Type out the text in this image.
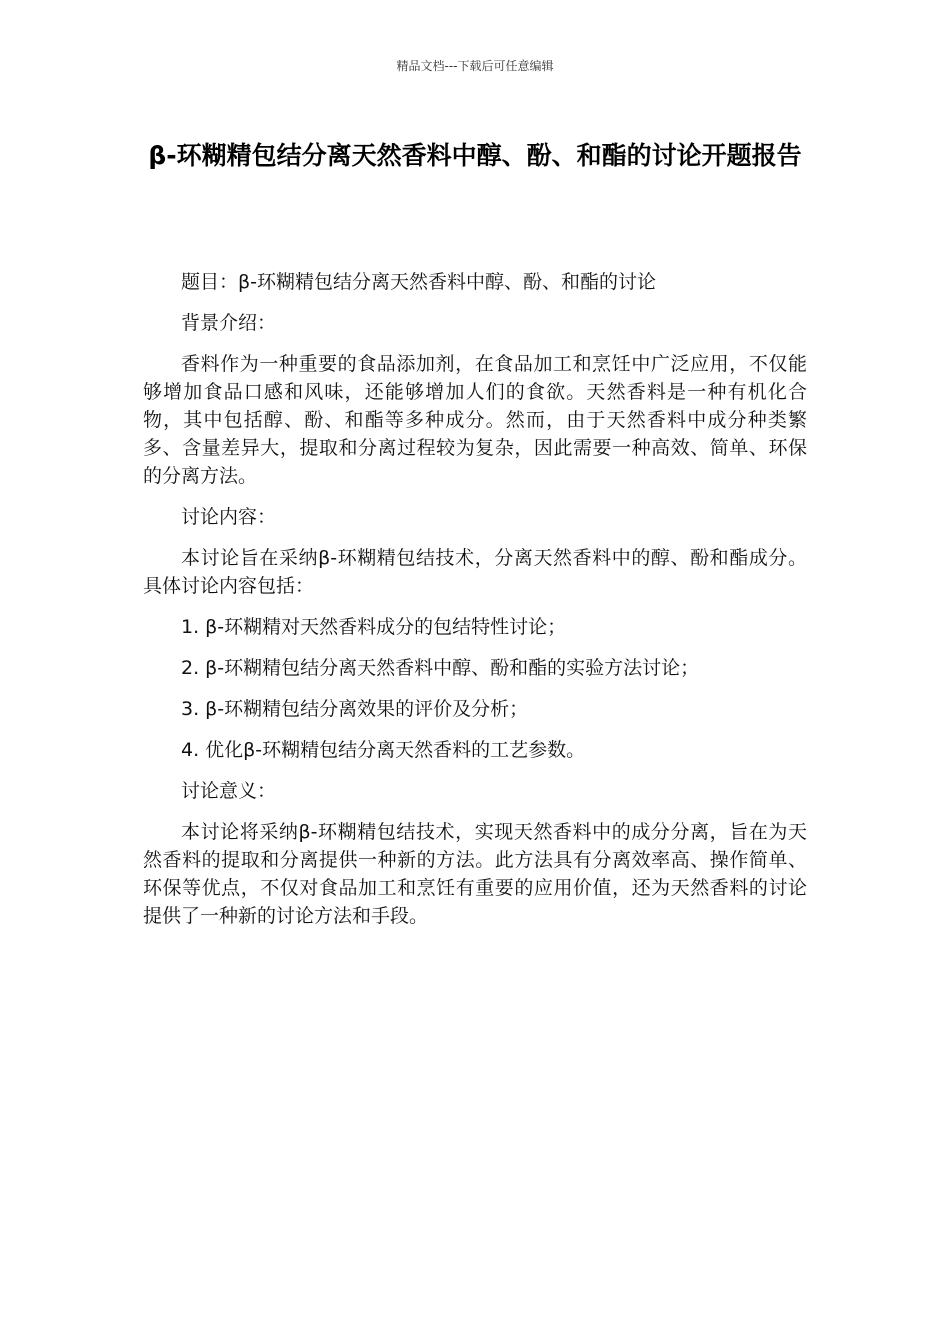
精品文档---下载后可任意编辑
β-环糊精包结分离天然香料中醇、酚、和酯的讨论开题报告

题目：β-环糊精包结分离天然香料中醇、酚、和酯的讨论

背景介绍：

香料作为一种重要的食品添加剂，在食品加工和烹饪中广泛应用，不仅能够增加食品口感和风味，还能够增加人们的食欲。天然香料是一种有机化合物，其中包括醇、酚、和酯等多种成分。然而，由于天然香料中成分种类繁多、含量差异大，提取和分离过程较为复杂，因此需要一种高效、简单、环保的分离方法。

讨论内容：

本讨论旨在采纳β-环糊精包结技术，分离天然香料中的醇、酚和酯成分。具体讨论内容包括：

1. β-环糊精对天然香料成分的包结特性讨论；

2. β-环糊精包结分离天然香料中醇、酚和酯的实验方法讨论；

3. β-环糊精包结分离效果的评价及分析；

4. 优化β-环糊精包结分离天然香料的工艺参数。

讨论意义：

本讨论将采纳β-环糊精包结技术，实现天然香料中的成分分离，旨在为天然香料的提取和分离提供一种新的方法。此方法具有分离效率高、操作简单、环保等优点，不仅对食品加工和烹饪有重要的应用价值，还为天然香料的讨论提供了一种新的讨论方法和手段。
